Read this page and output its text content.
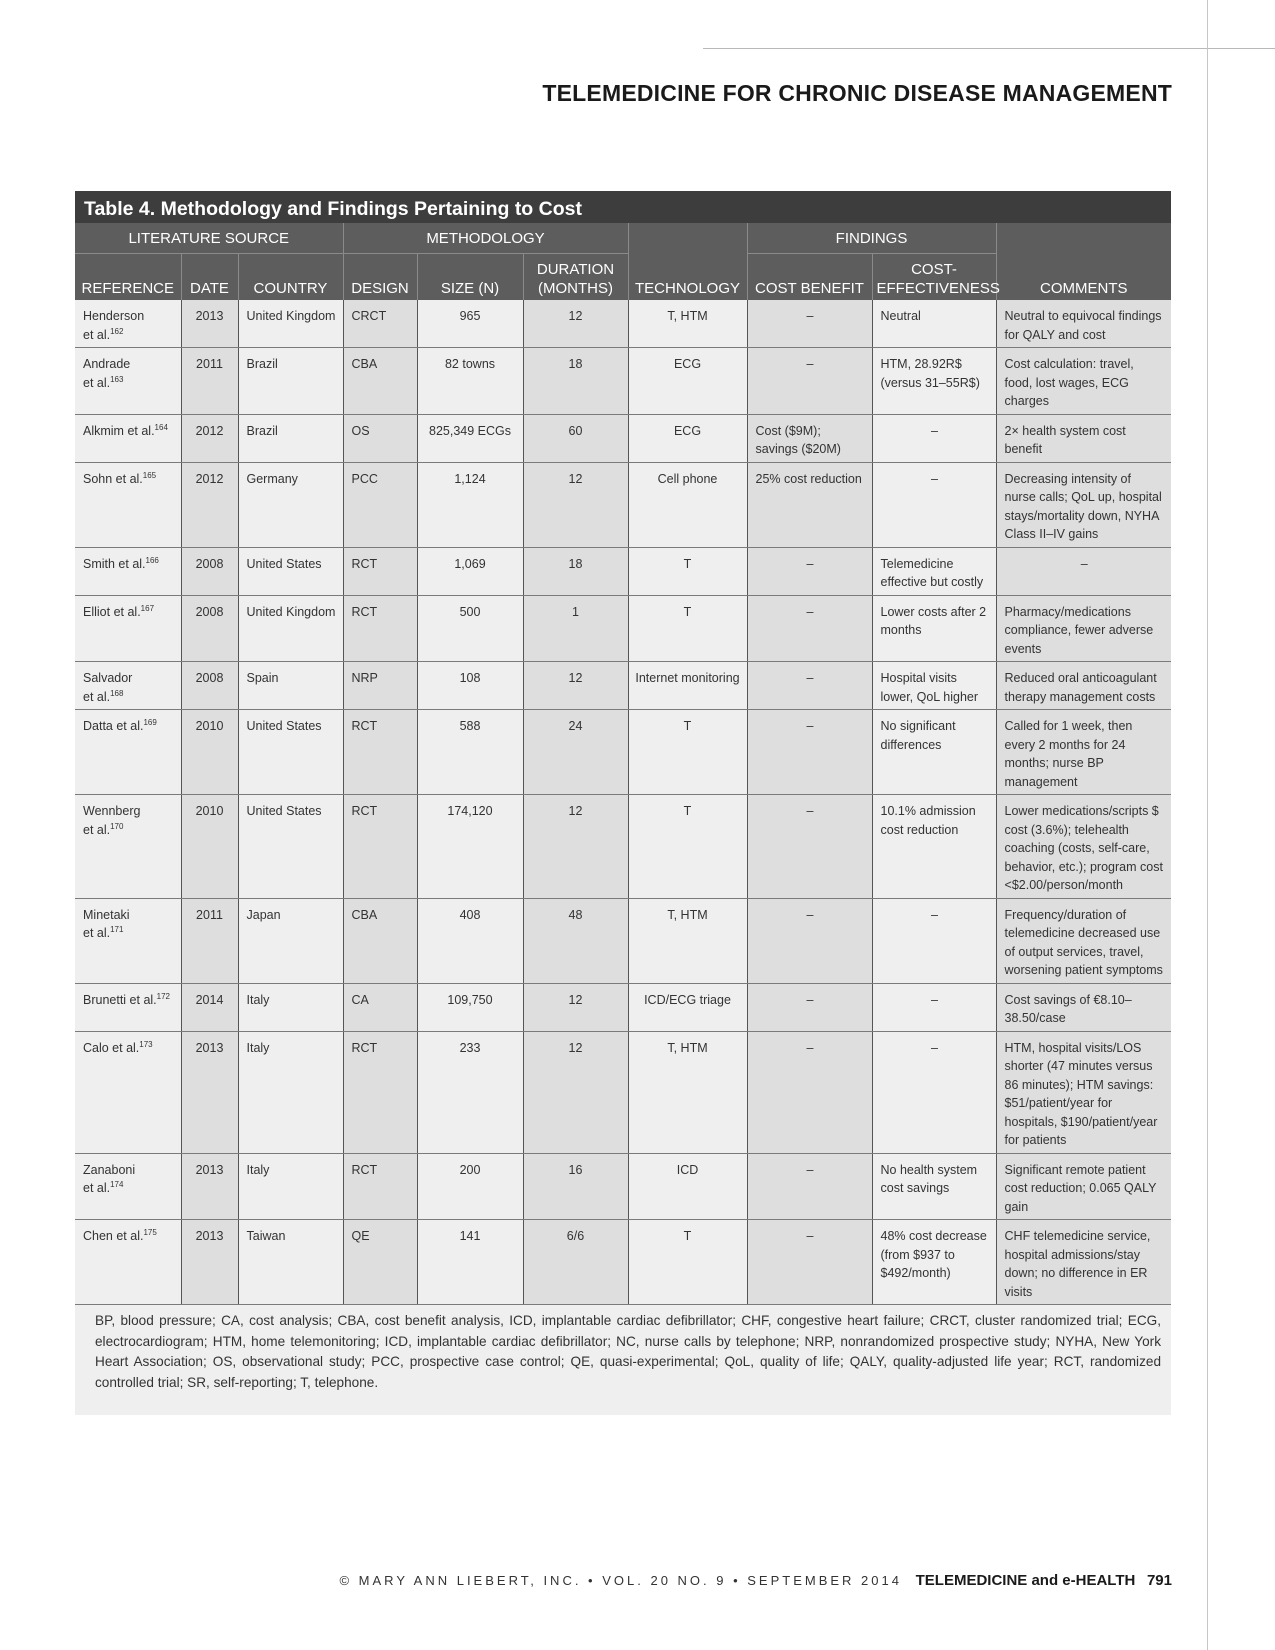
TELEMEDICINE FOR CHRONIC DISEASE MANAGEMENT
Table 4. Methodology and Findings Pertaining to Cost
LITERATURE SOURCE			METHODOLOGY				FINDINGS		
REFERENCE	DATE	COUNTRY	DESIGN	SIZE (N)	DURATION
(MONTHS)	TECHNOLOGY	COST BENEFIT	COST-
EFFECTIVENESS	COMMENTS
Henderson
et al.$^{162}$	2013	United Kingdom	CRCT	965	12	T, HTM	–	Neutral	Neutral to equivocal findings for QALY and cost
Andrade
et al.$^{163}$	2011	Brazil	CBA	82 towns	18	ECG	–	HTM, 28.92R$ (versus 31–55R$)	Cost calculation: travel, food, lost wages, ECG charges
Alkmim et al.$^{164}$	2012	Brazil	OS	825,349 ECGs	60	ECG	Cost ($9M); savings ($20M)	–	2× health system cost benefit
Sohn et al.$^{165}$	2012	Germany	PCC	1,124	12	Cell phone	25% cost reduction	–	Decreasing intensity of nurse calls; QoL up, hospital stays/mortality down, NYHA Class II–IV gains
Smith et al.$^{166}$	2008	United States	RCT	1,069	18	T	–	Telemedicine effective but costly	–
Elliot et al.$^{167}$	2008	United Kingdom	RCT	500	1	T	–	Lower costs after 2 months	Pharmacy/medications compliance, fewer adverse events
Salvador
et al.$^{168}$	2008	Spain	NRP	108	12	Internet monitoring	–	Hospital visits lower, QoL higher	Reduced oral anticoagulant therapy management costs
Datta et al.$^{169}$	2010	United States	RCT	588	24	T	–	No significant differences	Called for 1 week, then every 2 months for 24 months; nurse BP management
Wennberg
et al.$^{170}$	2010	United States	RCT	174,120	12	T	–	10.1% admission cost reduction	Lower medications/scripts $ cost (3.6%); telehealth coaching (costs, self-care, behavior, etc.); program cost <$2.00/person/month
Minetaki
et al.$^{171}$	2011	Japan	CBA	408	48	T, HTM	–	–	Frequency/duration of telemedicine decreased use of output services, travel, worsening patient symptoms
Brunetti et al.$^{172}$	2014	Italy	CA	109,750	12	ICD/ECG triage	–	–	Cost savings of €8.10–38.50/case
Calo et al.$^{173}$	2013	Italy	RCT	233	12	T, HTM	–	–	HTM, hospital visits/LOS shorter (47 minutes versus 86 minutes); HTM savings: $51/patient/year for hospitals, $190/patient/year for patients
Zanaboni
et al.$^{174}$	2013	Italy	RCT	200	16	ICD	–	No health system cost savings	Significant remote patient cost reduction; 0.065 QALY gain
Chen et al.$^{175}$	2013	Taiwan	QE	141	6/6	T	–	48% cost decrease (from $937 to $492/month)	CHF telemedicine service, hospital admissions/stay down; no difference in ER visits
BP, blood pressure; CA, cost analysis; CBA, cost benefit analysis, ICD, implantable cardiac defibrillator; CHF, congestive heart failure; CRCT, cluster randomized trial; ECG, electrocardiogram; HTM, home telemonitoring; ICD, implantable cardiac defibrillator; NC, nurse calls by telephone; NRP, nonrandomized prospective study; NYHA, New York Heart Association; OS, observational study; PCC, prospective case control; QE, quasi-experimental; QoL, quality of life; QALY, quality-adjusted life year; RCT, randomized controlled trial; SR, self-reporting; T, telephone.
© MARY ANN LIEBERT, INC. • VOL. 20 NO. 9 • SEPTEMBER 2014 TELEMEDICINE and e-HEALTH 791
